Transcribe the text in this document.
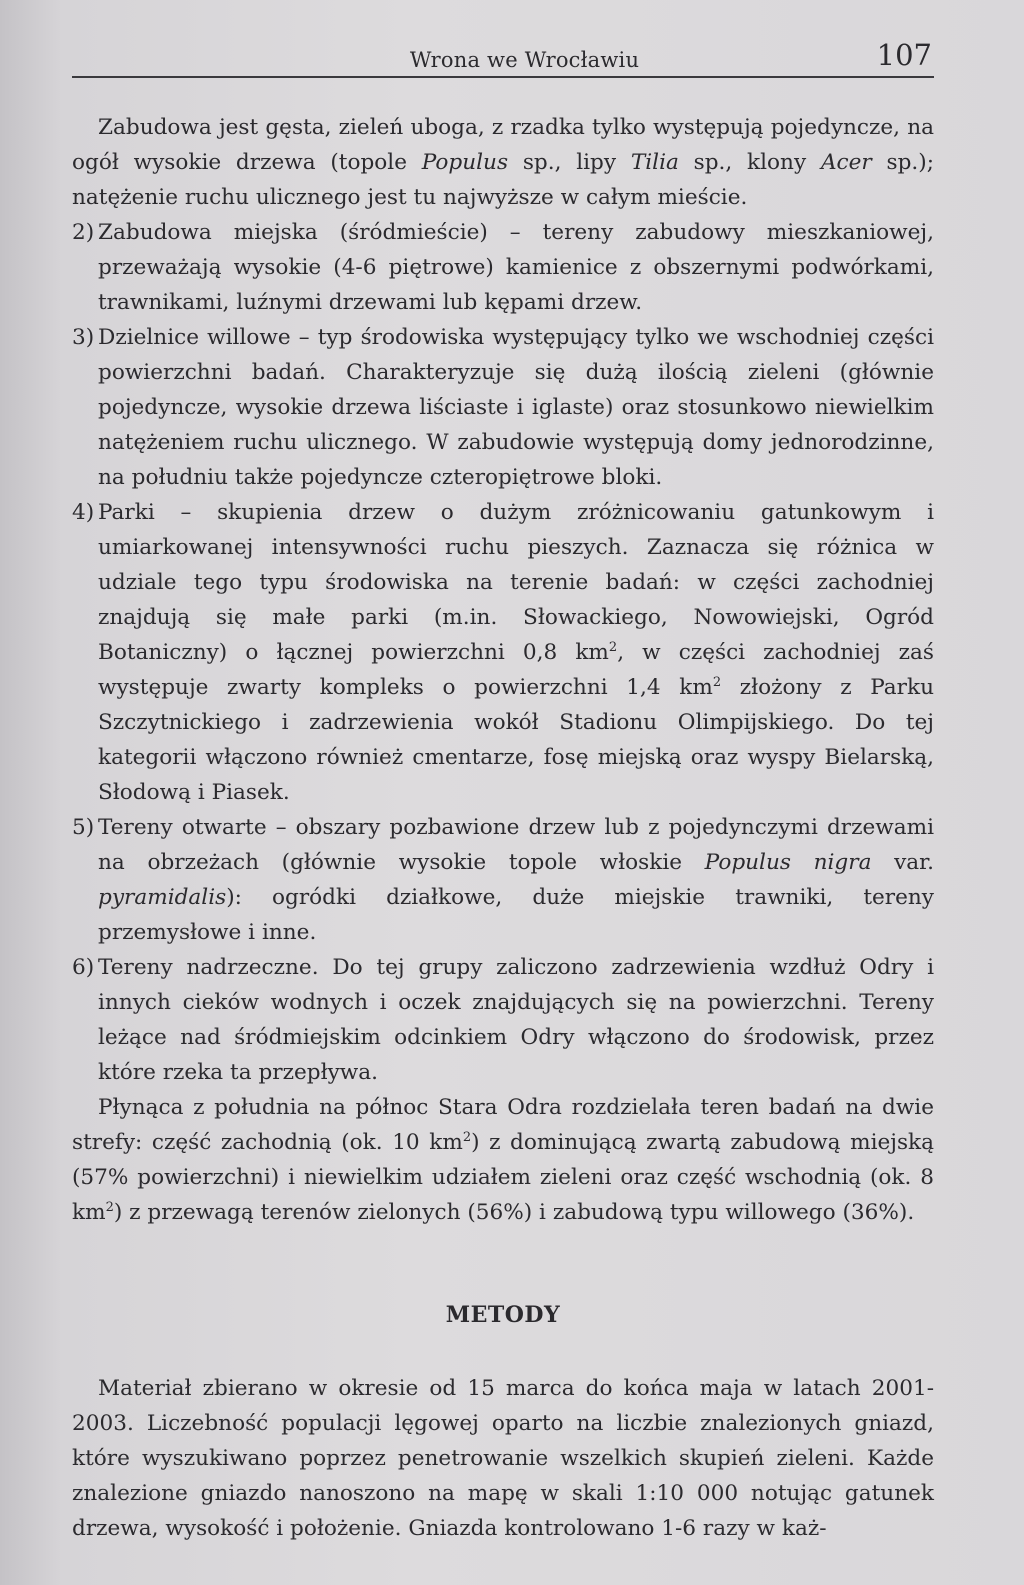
Wrona we Wrocławiu	107

Zabudowa jest gęsta, zieleń uboga, z rzadka tylko występują pojedyncze, na ogół wysokie drzewa (topole Populus sp., lipy Tilia sp., klony Acer sp.); natężenie ruchu ulicznego jest tu najwyższe w całym mieście.

2) Zabudowa miejska (śródmieście) – tereny zabudowy mieszkaniowej, przeważają wysokie (4-6 piętrowe) kamienice z obszernymi podwórkami, trawnikami, luźnymi drzewami lub kępami drzew.

3) Dzielnice willowe – typ środowiska występujący tylko we wschodniej części powierzchni badań. Charakteryzuje się dużą ilością zieleni (głównie pojedyncze, wysokie drzewa liściaste i iglaste) oraz stosunkowo niewielkim natężeniem ruchu ulicznego. W zabudowie występują domy jednorodzinne, na południu także pojedyncze czteropiętrowe bloki.

4) Parki – skupienia drzew o dużym zróżnicowaniu gatunkowym i umiarkowanej intensywności ruchu pieszych. Zaznacza się różnica w udziale tego typu środowiska na terenie badań: w części zachodniej znajdują się małe parki (m.in. Słowackiego, Nowowiejski, Ogród Botaniczny) o łącznej powierzchni 0,8 $km^2$, w części zachodniej zaś występuje zwarty kompleks o powierzchni 1,4 $km^2$ złożony z Parku Szczytnickiego i zadrzewienia wokół Stadionu Olimpijskiego. Do tej kategorii włączono również cmentarze, fosę miejską oraz wyspy Bielarską, Słodową i Piasek.

5) Tereny otwarte – obszary pozbawione drzew lub z pojedynczymi drzewami na obrzeżach (głównie wysokie topole włoskie Populus nigra var. pyramidalis): ogródki działkowe, duże miejskie trawniki, tereny przemysłowe i inne.

6) Tereny nadrzeczne. Do tej grupy zaliczono zadrzewienia wzdłuż Odry i innych cieków wodnych i oczek znajdujących się na powierzchni. Tereny leżące nad śródmiejskim odcinkiem Odry włączono do środowisk, przez które rzeka ta przepływa.

Płynąca z południa na północ Stara Odra rozdzielała teren badań na dwie strefy: część zachodnią (ok. 10 $km^2$) z dominującą zwartą zabudową miejską (57% powierzchni) i niewielkim udziałem zieleni oraz część wschodnią (ok. 8 $km^2$) z przewagą terenów zielonych (56%) i zabudową typu willowego (36%).

METODY

Materiał zbierano w okresie od 15 marca do końca maja w latach 2001-2003. Liczebność populacji lęgowej oparto na liczbie znalezionych gniazd, które wyszukiwano poprzez penetrowanie wszelkich skupień zieleni. Każde znalezione gniazdo nanoszono na mapę w skali 1:10 000 notując gatunek drzewa, wysokość i położenie. Gniazda kontrolowano 1-6 razy w każ-
